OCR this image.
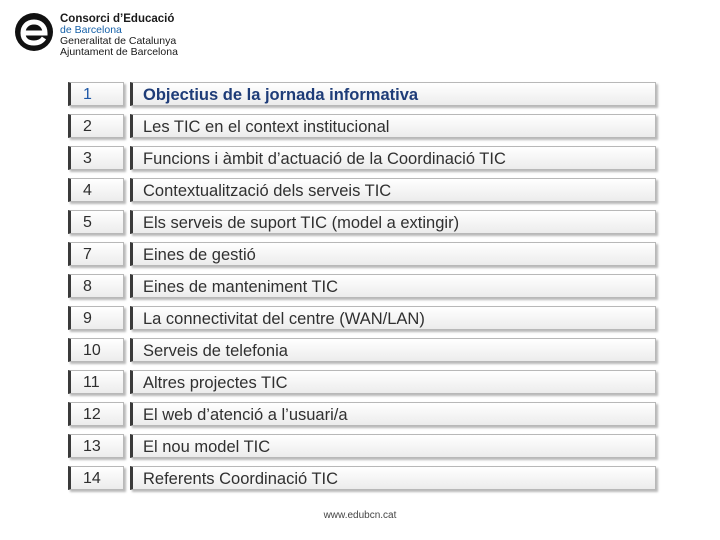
Consorci d’Educació
de Barcelona
Generalitat de Catalunya
Ajuntament de Barcelona
1	Objectius de la jornada informativa
2	Les TIC en el context institucional
3	Funcions i àmbit d’actuació de la Coordinació TIC
4	Contextualització dels serveis TIC
5	Els serveis de suport TIC (model a extingir)
7	Eines de gestió
8	Eines de manteniment TIC
9	La connectivitat del centre (WAN/LAN)
10	Serveis de telefonia
11	Altres projectes TIC
12	El web d’atenció a l’usuari/a
13	El nou model TIC
14	Referents Coordinació TIC
www.edubcn.cat
